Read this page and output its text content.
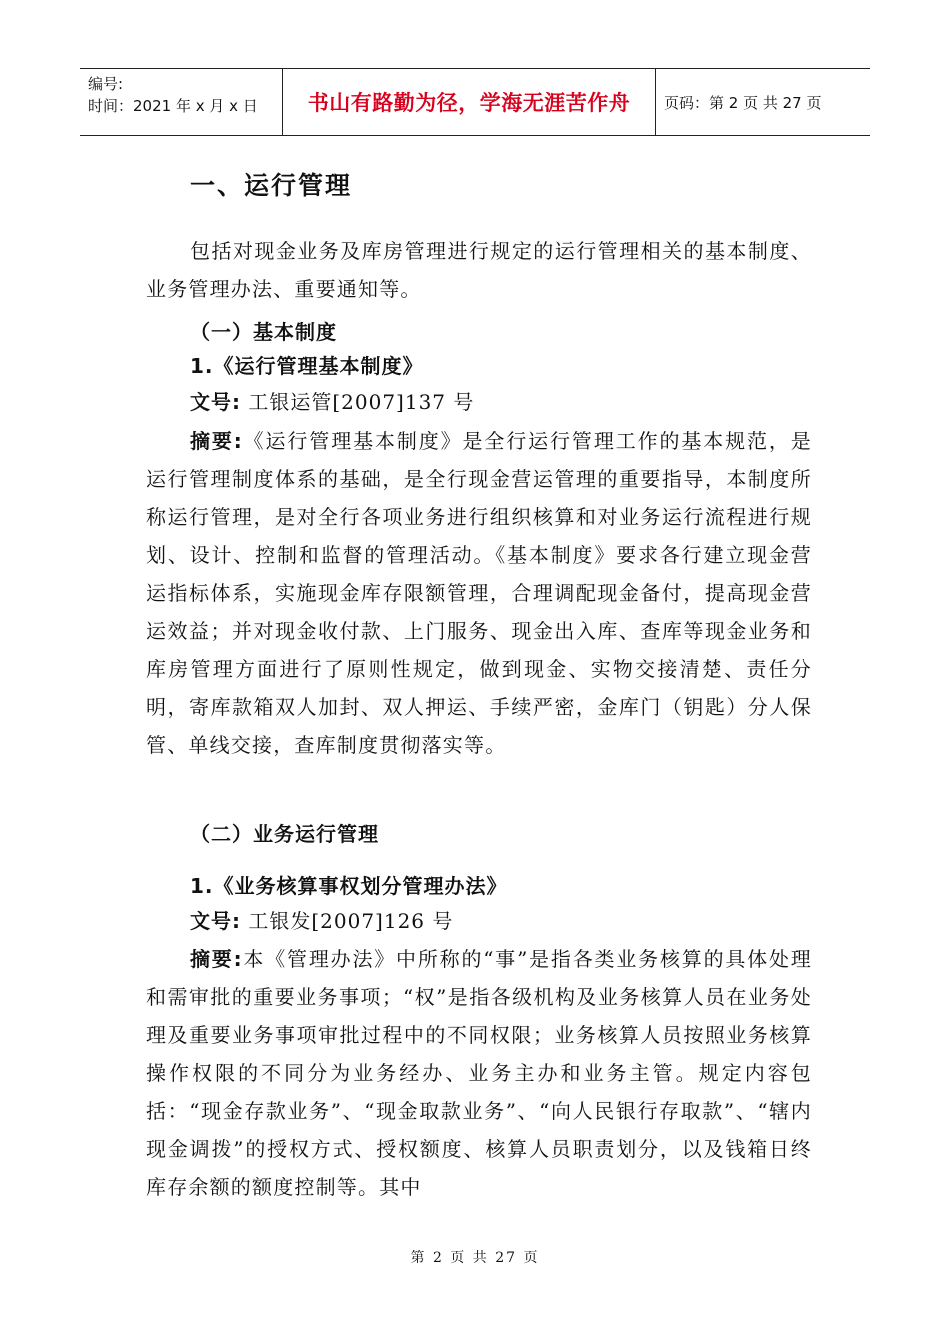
编号:
时间：2021 年 x 月 x 日	书山有路勤为径，学海无涯苦作舟	页码：第 2 页 共 27 页
一、运行管理

包括对现金业务及库房管理进行规定的运行管理相关的基本制度、业务管理办法、重要通知等。

（一）基本制度
1.《运行管理基本制度》

文号: 工银运管[2007]137 号

摘要:《运行管理基本制度》是全行运行管理工作的基本规范，是运行管理制度体系的基础，是全行现金营运管理的重要指导，本制度所称运行管理，是对全行各项业务进行组织核算和对业务运行流程进行规划、设计、控制和监督的管理活动。《基本制度》要求各行建立现金营运指标体系，实施现金库存限额管理，合理调配现金备付，提高现金营运效益；并对现金收付款、上门服务、现金出入库、查库等现金业务和库房管理方面进行了原则性规定，做到现金、实物交接清楚、责任分明，寄库款箱双人加封、双人押运、手续严密，金库门（钥匙）分人保管、单线交接，查库制度贯彻落实等。

（二）业务运行管理
1.《业务核算事权划分管理办法》

文号: 工银发[2007]126 号

摘要:本《管理办法》中所称的“事”是指各类业务核算的具体处理和需审批的重要业务事项；“权”是指各级机构及业务核算人员在业务处理及重要业务事项审批过程中的不同权限；业务核算人员按照业务核算操作权限的不同分为业务经办、业务主办和业务主管。规定内容包括：“现金存款业务”、“现金取款业务”、“向人民银行存取款”、“辖内现金调拨”的授权方式、授权额度、核算人员职责划分，以及钱箱日终库存余额的额度控制等。其中

第 2 页 共 27 页
